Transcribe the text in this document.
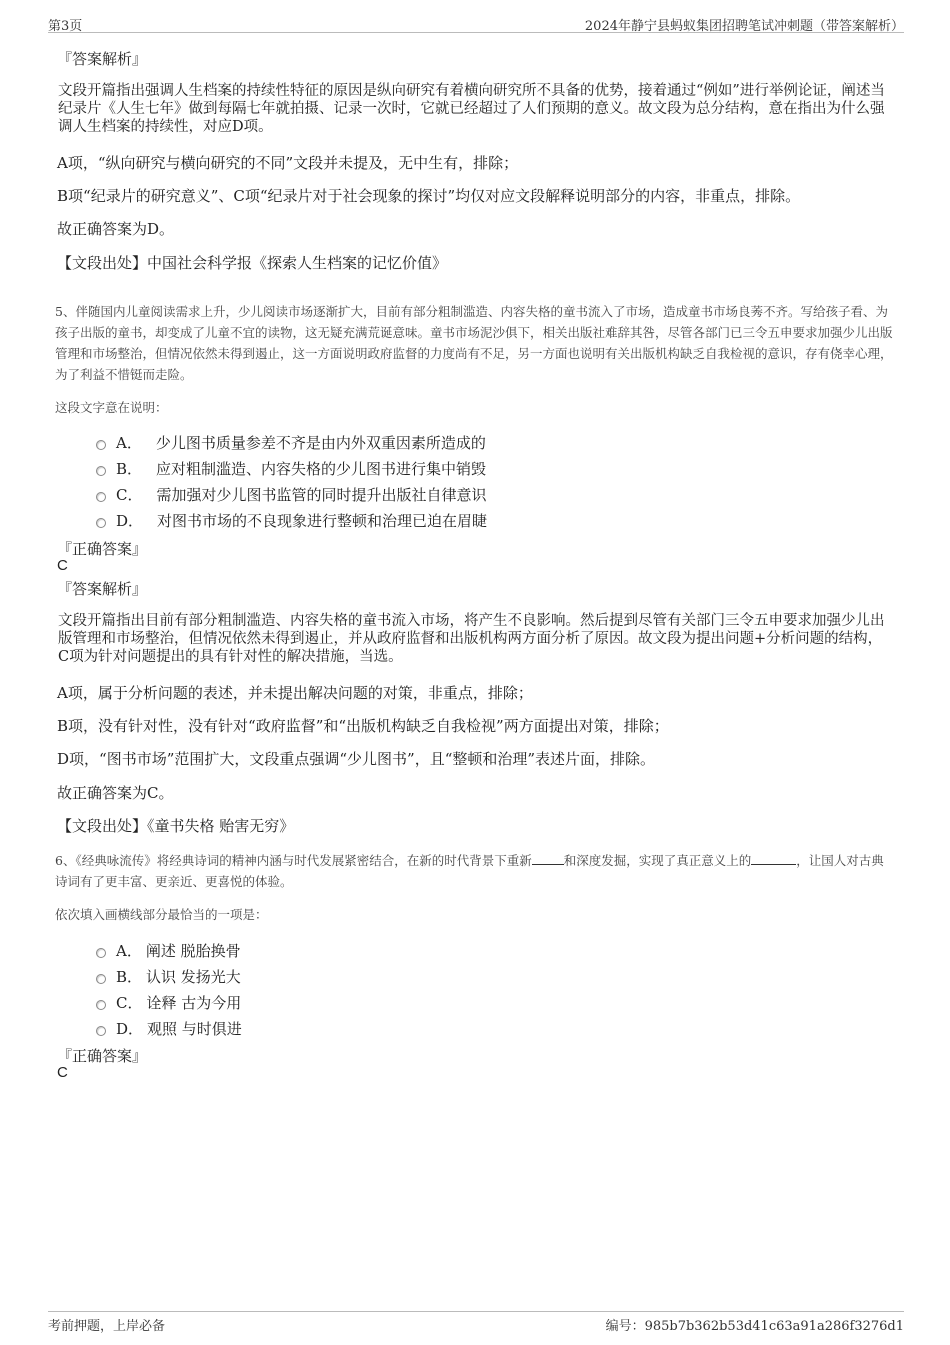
第3页	2024年静宁县蚂蚁集团招聘笔试冲刺题（带答案解析）
『答案解析』
文段开篇指出强调人生档案的持续性特征的原因是纵向研究有着横向研究所不具备的优势，接着通过“例如”进行举例论证，阐述当纪录片《人生七年》做到每隔七年就拍摄、记录一次时，它就已经超过了人们预期的意义。故文段为总分结构，意在指出为什么强调人生档案的持续性，对应D项。
A项，“纵向研究与横向研究的不同”文段并未提及，无中生有，排除；
B项“纪录片的研究意义”、C项“纪录片对于社会现象的探讨”均仅对应文段解释说明部分的内容，非重点，排除。
故正确答案为D。
【文段出处】中国社会科学报《探索人生档案的记忆价值》
5、伴随国内儿童阅读需求上升，少儿阅读市场逐渐扩大，目前有部分粗制滥造、内容失格的童书流入了市场，造成童书市场良莠不齐。写给孩子看、为孩子出版的童书，却变成了儿童不宜的读物，这无疑充满荒诞意味。童书市场泥沙俱下，相关出版社难辞其咎，尽管各部门已三令五申要求加强少儿出版管理和市场整治，但情况依然未得到遏止，这一方面说明政府监督的力度尚有不足，另一方面也说明有关出版机构缺乏自我检视的意识，存有侥幸心理，为了利益不惜铤而走险。
这段文字意在说明：
A． 少儿图书质量参差不齐是由内外双重因素所造成的
B． 应对粗制滥造、内容失格的少儿图书进行集中销毁
C． 需加强对少儿图书监管的同时提升出版社自律意识
D． 对图书市场的不良现象进行整顿和治理已迫在眉睫
『正确答案』
C
『答案解析』
文段开篇指出目前有部分粗制滥造、内容失格的童书流入市场，将产生不良影响。然后提到尽管有关部门三令五申要求加强少儿出版管理和市场整治，但情况依然未得到遏止，并从政府监督和出版机构两方面分析了原因。故文段为提出问题+分析问题的结构，C项为针对问题提出的具有针对性的解决措施，当选。
A项，属于分析问题的表述，并未提出解决问题的对策，非重点，排除；
B项，没有针对性，没有针对“政府监督”和“出版机构缺乏自我检视”两方面提出对策，排除；
D项，“图书市场”范围扩大，文段重点强调“少儿图书”，且“整顿和治理”表述片面，排除。
故正确答案为C。
【文段出处】《童书失格 贻害无穷》
6、《经典咏流传》将经典诗词的精神内涵与时代发展紧密结合，在新的时代背景下重新	和深度发掘，实现了真正意义上的	，让国人对古典诗词有了更丰富、更亲近、更喜悦的体验。
依次填入画横线部分最恰当的一项是：
A． 阐述 脱胎换骨
B． 认识 发扬光大
C． 诠释 古为今用
D． 观照 与时俱进
『正确答案』
C
考前押题，上岸必备	编号：985b7b362b53d41c63a91a286f3276d1
